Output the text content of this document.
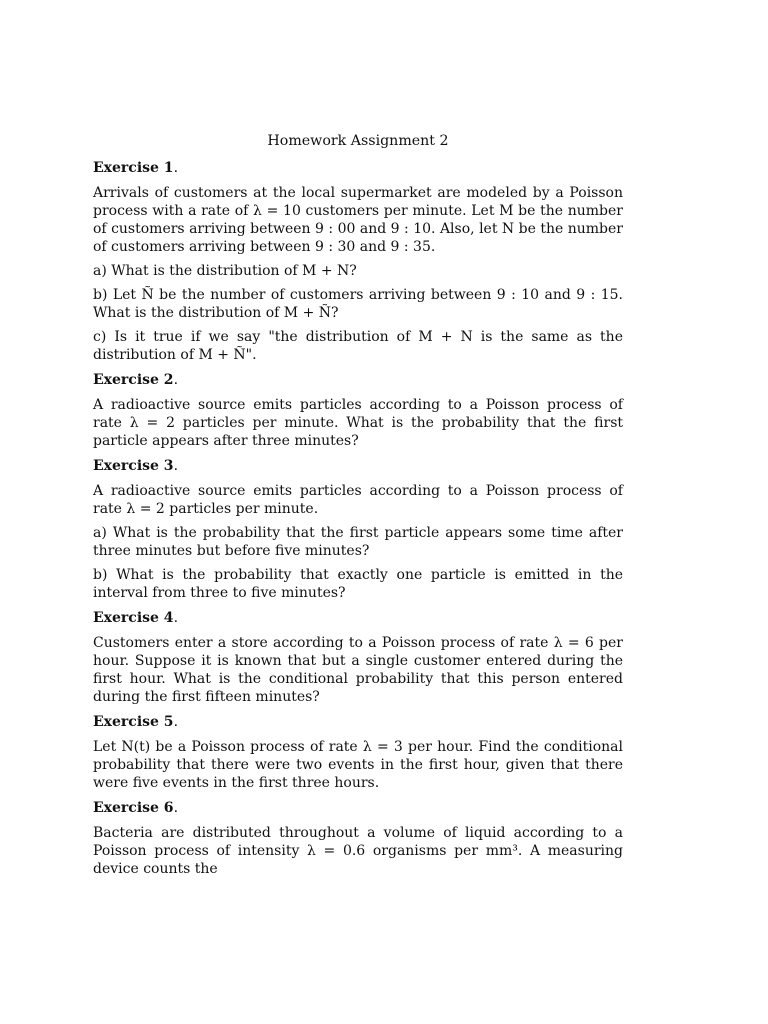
Homework Assignment 2
Exercise 1.

Arrivals of customers at the local supermarket are modeled by a Poisson process with a rate of λ = 10 customers per minute. Let M be the number of customers arriving between 9 : 00 and 9 : 10. Also, let N be the number of customers arriving between 9 : 30 and 9 : 35.

a) What is the distribution of M + N?

b) Let Ñ be the number of customers arriving between 9 : 10 and 9 : 15. What is the distribution of M + Ñ?

c) Is it true if we say "the distribution of M + N is the same as the distribution of M + Ñ".

Exercise 2.

A radioactive source emits particles according to a Poisson process of rate λ = 2 particles per minute. What is the probability that the first particle appears after three minutes?

Exercise 3.

A radioactive source emits particles according to a Poisson process of rate λ = 2 particles per minute.

a) What is the probability that the first particle appears some time after three minutes but before five minutes?

b) What is the probability that exactly one particle is emitted in the interval from three to five minutes?

Exercise 4.

Customers enter a store according to a Poisson process of rate λ = 6 per hour. Suppose it is known that but a single customer entered during the first hour. What is the conditional probability that this person entered during the first fifteen minutes?

Exercise 5.

Let N(t) be a Poisson process of rate λ = 3 per hour. Find the conditional probability that there were two events in the first hour, given that there were five events in the first three hours.

Exercise 6.

Bacteria are distributed throughout a volume of liquid according to a Poisson process of intensity λ = 0.6 organisms per mm³. A measuring device counts the
